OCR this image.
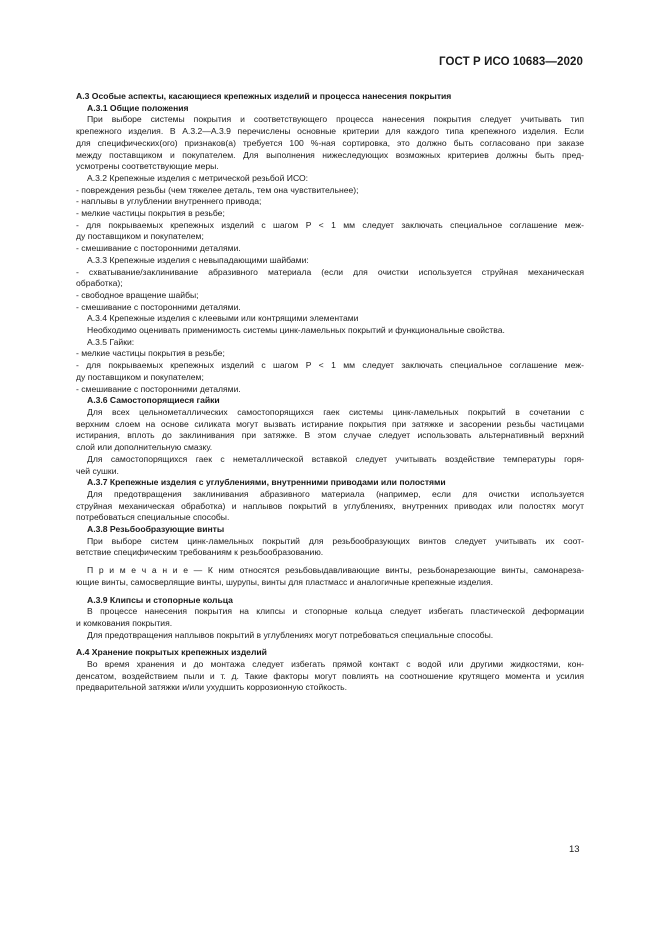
ГОСТ Р ИСО 10683—2020
A.3 Особые аспекты, касающиеся крепежных изделий и процесса нанесения покрытия
A.3.1 Общие положения
При выборе системы покрытия и соответствующего процесса нанесения покрытия следует учитывать тип
крепежного изделия. В A.3.2—A.3.9 перечислены основные критерии для каждого типа крепежного изделия. Если
для специфических(ого) признаков(а) требуется 100 %-ная сортировка, это должно быть согласовано при заказе
между поставщиком и покупателем. Для выполнения нижеследующих возможных критериев должны быть пред-
усмотрены соответствующие меры.
A.3.2 Крепежные изделия с метрической резьбой ИСО:
- повреждения резьбы (чем тяжелее деталь, тем она чувствительнее);
- наплывы в углублении внутреннего привода;
- мелкие частицы покрытия в резьбе;
- для покрываемых крепежных изделий с шагом P < 1 мм следует заключать специальное соглашение меж-
ду поставщиком и покупателем;
- смешивание с посторонними деталями.
A.3.3 Крепежные изделия с невыпадающими шайбами:
- схватывание/заклинивание абразивного материала (если для очистки используется струйная механическая
обработка);
- свободное вращение шайбы;
- смешивание с посторонними деталями.
A.3.4 Крепежные изделия с клеевыми или контрящими элементами
Необходимо оценивать применимость системы цинк-ламельных покрытий и функциональные свойства.
A.3.5 Гайки:
- мелкие частицы покрытия в резьбе;
- для покрываемых крепежных изделий с шагом P < 1 мм следует заключать специальное соглашение меж-
ду поставщиком и покупателем;
- смешивание с посторонними деталями.
A.3.6 Самостопорящиеся гайки
Для всех цельнометаллических самостопорящихся гаек системы цинк-ламельных покрытий в сочетании с
верхним слоем на основе силиката могут вызвать истирание покрытия при затяжке и засорении резьбы частицами
истирания, вплоть до заклинивания при затяжке. В этом случае следует использовать альтернативный верхний
слой или дополнительную смазку.
Для самостопорящихся гаек с неметаллической вставкой следует учитывать воздействие температуры горя-
чей сушки.
A.3.7 Крепежные изделия с углублениями, внутренними приводами или полостями
Для предотвращения заклинивания абразивного материала (например, если для очистки используется
струйная механическая обработка) и наплывов покрытий в углублениях, внутренних приводах или полостях могут
потребоваться специальные способы.
A.3.8 Резьбообразующие винты
При выборе систем цинк-ламельных покрытий для резьбообразующих винтов следует учитывать их соот-
ветствие специфическим требованиям к резьбообразованию.
П р и м е ч а н и е — К ним относятся резьбовыдавливающие винты, резьбонарезающие винты, самонареза-
ющие винты, самосверлящие винты, шурупы, винты для пластмасс и аналогичные крепежные изделия.
A.3.9 Клипсы и стопорные кольца
В процессе нанесения покрытия на клипсы и стопорные кольца следует избегать пластической деформации
и комкования покрытия.
Для предотвращения наплывов покрытий в углублениях могут потребоваться специальные способы.
A.4 Хранение покрытых крепежных изделий
Во время хранения и до монтажа следует избегать прямой контакт с водой или другими жидкостями, кон-
денсатом, воздействием пыли и т. д. Такие факторы могут повлиять на соотношение крутящего момента и усилия
предварительной затяжки и/или ухудшить коррозионную стойкость.
13
